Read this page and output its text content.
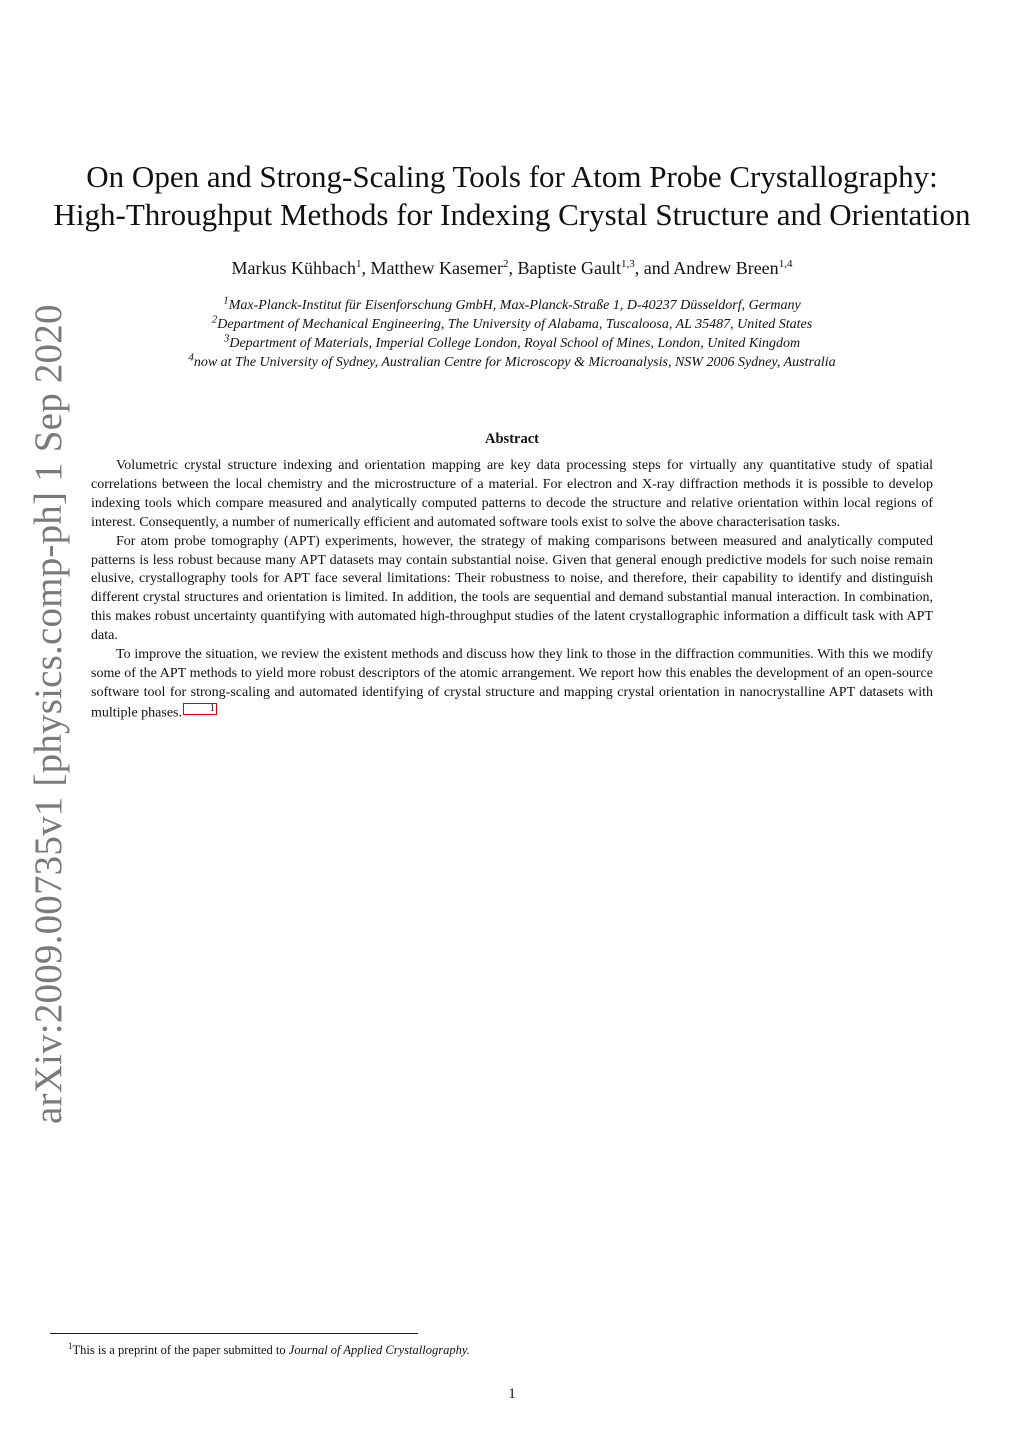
arXiv:2009.00735v1 [physics.comp-ph] 1 Sep 2020
On Open and Strong-Scaling Tools for Atom Probe Crystallography:
High-Throughput Methods for Indexing Crystal Structure and Orientation
Markus Kühbach$^1$, Matthew Kasemer$^2$, Baptiste Gault$^{1,3}$, and Andrew Breen$^{1,4}$
$^1$Max-Planck-Institut für Eisenforschung GmbH, Max-Planck-Straße 1, D-40237 Düsseldorf, Germany
$^2$Department of Mechanical Engineering, The University of Alabama, Tuscaloosa, AL 35487, United States
$^3$Department of Materials, Imperial College London, Royal School of Mines, London, United Kingdom
$^4$now at The University of Sydney, Australian Centre for Microscopy & Microanalysis, NSW 2006 Sydney, Australia
Abstract

Volumetric crystal structure indexing and orientation mapping are key data processing steps for virtually any quantitative study of spatial correlations between the local chemistry and the microstructure of a material. For electron and X-ray diffraction methods it is possible to develop indexing tools which compare measured and analytically computed patterns to decode the structure and relative orientation within local regions of interest. Consequently, a number of numerically efficient and automated software tools exist to solve the above characterisation tasks.

For atom probe tomography (APT) experiments, however, the strategy of making comparisons between measured and analytically computed patterns is less robust because many APT datasets may contain substantial noise. Given that general enough predictive models for such noise remain elusive, crystallography tools for APT face several limitations: Their robustness to noise, and therefore, their capability to identify and distinguish different crystal structures and orientation is limited. In addition, the tools are sequential and demand substantial manual interaction. In combination, this makes robust uncertainty quantifying with automated high-throughput studies of the latent crystallographic information a difficult task with APT data.

To improve the situation, we review the existent methods and discuss how they link to those in the diffraction communities. With this we modify some of the APT methods to yield more robust descriptors of the atomic arrangement. We report how this enables the development of an open-source software tool for strong-scaling and automated identifying of crystal structure and mapping crystal orientation in nanocrystalline APT datasets with multiple phases.	1

$^1$This is a preprint of the paper submitted to Journal of Applied Crystallography.
1
